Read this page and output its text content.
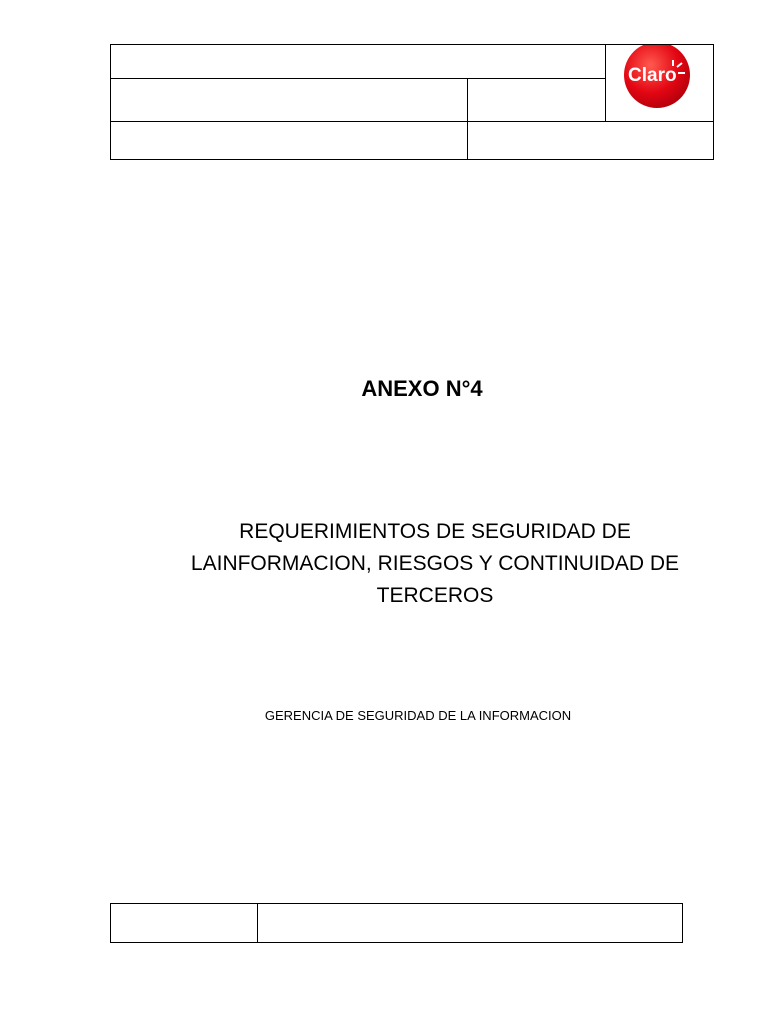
Claro
ANEXO N°4
REQUERIMIENTOS DE SEGURIDAD DE LAINFORMACION, RIESGOS Y CONTINUIDAD DE TERCEROS
GERENCIA DE SEGURIDAD DE LA INFORMACION
